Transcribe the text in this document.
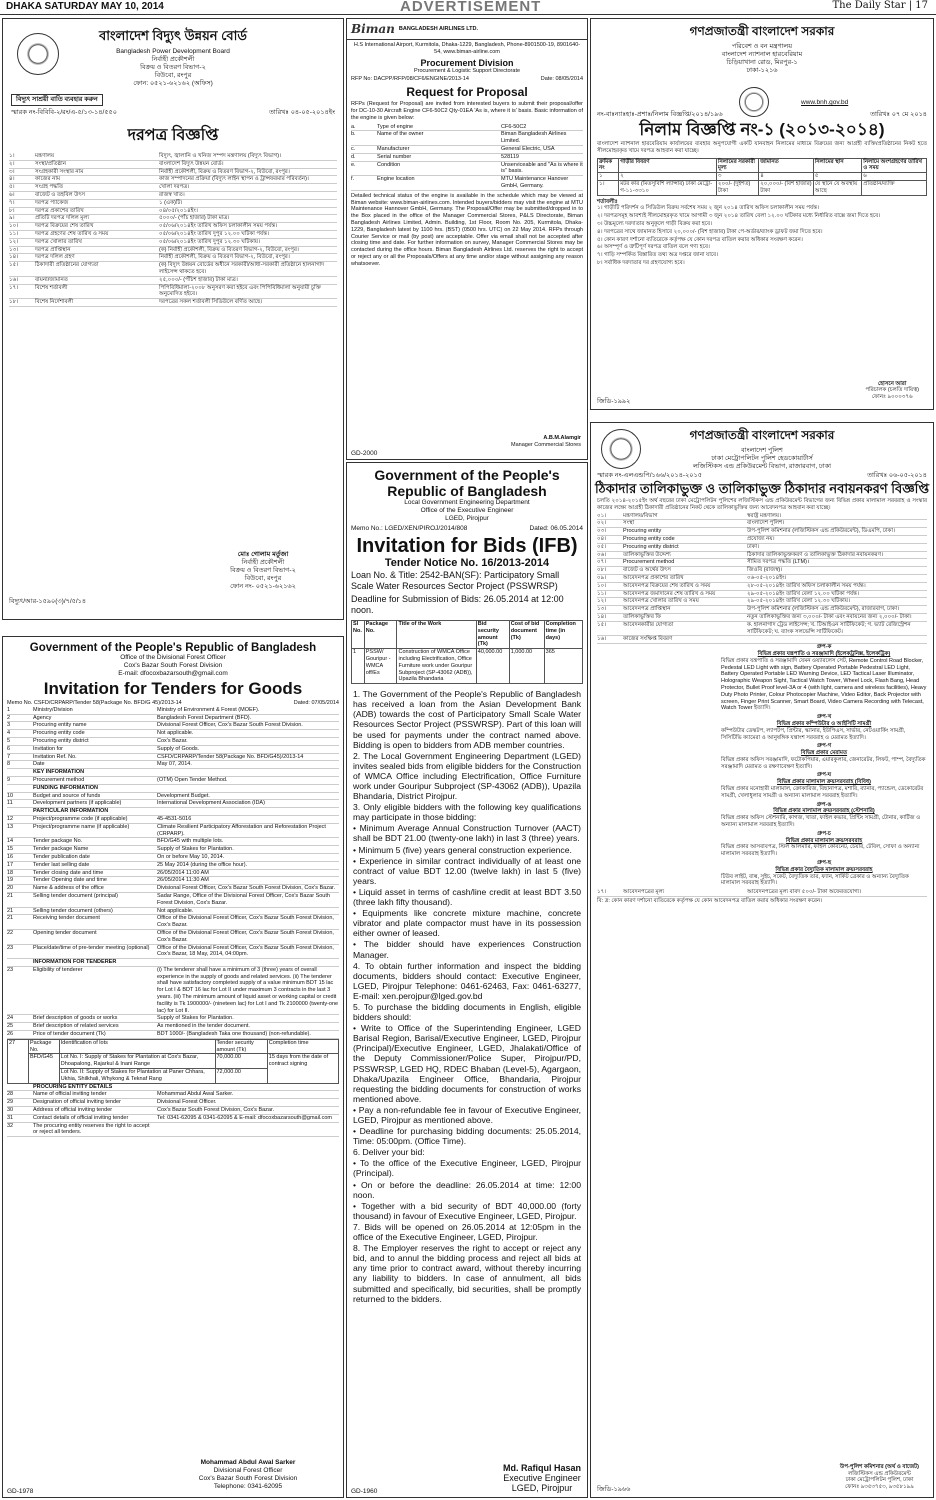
DHAKA SATURDAY MAY 10, 2014	ADVERTISEMENT	The Daily Star | 17
বাংলাদেশ বিদ্যুৎ উন্নয়ন বোর্ড
Bangladesh Power Development Board
নির্বাহী প্রকৌশলী
বিক্রয় ও বিতরণ বিভাগ-২
বিউবো, রংপুর
ফোন: ০৫২১-৬২১৬২ (অফিস)
বিদ্যুৎ সাশ্রয়ী বাতি ব্যবহার করুন
স্মারক নং-বিবিবি-২/রং/এ-৫/১৩-১৪/৫৫০	তারিখঃ ০৪-০৫-২০১৪ইং
দরপত্র বিজ্ঞপ্তি
১।	মন্ত্রণালয়	বিদ্যুৎ, জ্বালানি ও খনিজ সম্পদ মন্ত্রণালয় (বিদ্যুৎ বিভাগ)।
২।	সংস্থা/প্রতিষ্ঠান	বাংলাদেশ বিদ্যুৎ উন্নয়ন বোর্ড।
৩।	সংগ্রহকারী সংস্থার নাম	নির্বাহী প্রকৌশলী, বিক্রয় ও বিতরণ বিভাগ-২, বিউবো, রংপুর।
৪।	কাজের নাম	কাজ সম্পাদনের প্রক্রিয়া (বিদ্যুৎ লাইন স্থাপন ও ট্রান্সফরমার পরিবর্তন)।
৫।	সংগ্রহ পদ্ধতি	খোলা দরপত্র।
৬।	বাজেট ও তহবিল উৎস	রাজস্ব খাত।
৭।	দরপত্র প্যাকেজ	১ (এক)টি।
৮।	দরপত্র প্রকাশের তারিখ	০৪/০৫/২০১৪ইং।
৯।	প্রতিটি দরপত্র দলিল মূল্য	৫০০০/- (পাঁচ হাজার) টাকা মাত্র।
১০।	দরপত্র বিক্রয়ের শেষ তারিখ	০৫/০৬/২০১৪ইং তারিখ অফিস চলাকালীন সময় পর্যন্ত।
১১।	দরপত্র গ্রহণের শেষ তারিখ ও সময়	০৫/০৬/২০১৪ইং তারিখ দুপুর ১২.০০ ঘটিকা পর্যন্ত।
১২।	দরপত্র খোলার তারিখ	০৫/০৬/২০১৪ইং তারিখ দুপুর ১২.৩০ ঘটিকায়।
১৩।	দরপত্র প্রাপ্তিস্থান	(ক) নির্বাহী প্রকৌশলী, বিক্রয় ও বিতরণ বিভাগ-২, বিউবো, রংপুর।
১৪।	দরপত্র দলিল গ্রহণ	নির্বাহী প্রকৌশলী, বিক্রয় ও বিতরণ বিভাগ-২, বিউবো, রংপুর।
১৫।	ঠিকাদারী প্রতিষ্ঠানের যোগ্যতা	(ক) বিদ্যুৎ উন্নয়ন বোর্ডের অধীনে সরকারী/আধা-সরকারী প্রতিষ্ঠানে হালনাগাদ লাইসেন্স থাকতে হবে।
১৬।	বায়না/জামানত	২৫,০০০/- (পঁচিশ হাজার) টাকা মাত্র।
১৭।	বিশেষ শর্তাবলী	পিপিবিধিমালা-২০০৮ অনুসরণ করা হইবে এবং পিপিবিধিমালা অনুযায়ী চুক্তি অনুমোদিত হইবে।
১৮।	বিশেষ নির্দেশাবলী	দরপত্রের সকল শর্তাবলী সিডিউলে বর্ণিত আছে।
মোঃ গোলাম মর্তুজা
নির্বাহী প্রকৌশলী
বিক্রয় ও বিতরণ বিভাগ-২
বিউবো, রংপুর
ফোন নং- ০৫২১-৬২১৬২
বিদ্যুৎ/আর-১৫৯০(৩)/৭/৫/১৪
Biman BANGLADESH AIRLINES LTD.
H.S International Airport, Kurmitola, Dhaka-1229, Bangladesh, Phone-8901500-19, 8901640-54, www.biman-airline.com
Procurement Division
Procurement & Logistic Support Directorate
RFP No: DACPP/RFP/08/CF6/ENGINE/2013-14	Date: 08/05/2014
Request for Proposal
RFPs (Request for Proposal) are invited from interested buyers to submit their proposal/offer for DC-10-30 Aircraft Engine CF6-50C2 Qty-01EA 'As is, where it is' basis. Basic information of the engine is given below:
a.	Type of engine	CF6-50C2
b.	Name of the owner	Biman Bangladesh Airlines Limited.
c.	Manufacturer	General Electric, USA
d.	Serial number	528119
e.	Condition	Unserviceable and "As is where it is" basis.
f.	Engine location	MTU Maintenance Hanover GmbH, Germany.
Detailed technical status of the engine is available in the schedule which may be viewed at Biman website: www.biman-airlines.com. Intended buyers/bidders may visit the engine at MTU Maintenance Hannover GmbH, Germany. The Proposal/Offer may be submitted/dropped in to the Box placed in the office of the Manager Commercial Stores, P&LS Directorate, Biman Bangladesh Airlines Limited, Admin. Building, 1st Floor, Room No. 205, Kurmitola, Dhaka-1229, Bangladesh latest by 1100 hrs. (BST) (0500 hrs. UTC) on 22 May 2014. RFPs through Courier Service or mail (by post) are acceptable. Offer via email shall not be accepted after closing time and date. For further information on survey, Manager Commercial Stores may be contacted during the office hours. Biman Bangladesh Airlines Ltd. reserves the right to accept or reject any or all the Proposals/Offers at any time and/or stage without assigning any reason whatsoever.
A.B.M.Alamgir
Manager Commercial Stores
GD-2000
Government of the People's Republic of Bangladesh
Local Government Engineering Department
Office of the Executive Engineer
LGED, Pirojpur
Memo No.: LGED/XEN/PIROJ/2014/808	Dated: 06.05.2014
Invitation for Bids (IFB)
Tender Notice No. 16/2013-2014
Loan No. & Title: 2542-BAN(SF): Participatory Small Scale Water Resources Sector Project (PSSWRSP)
Deadline for Submission of Bids: 26.05.2014 at 12:00 noon.
Sl No.	Package No.	Title of the Work	Bid security amount (Tk)	Cost of bid document (Tk)	Completion time (in days)
1	PSSW/ Gouripur -WMCA off/Es	Construction of WMCA Office including Electrification, Office Furniture work under Gouripur Subproject (SP-43062 (ADB)), Upazila Bhandaria	40,000.00	1,000.00	365
1. The Government of the People's Republic of Bangladesh has received a loan from the Asian Development Bank (ADB) towards the cost of Participatory Small Scale Water Resources Sector Project (PSSWRSP). Part of this loan will be used for payments under the contract named above. Bidding is open to bidders from ADB member countries.
2. The Local Government Engineering Department (LGED) invites sealed bids from eligible bidders for the Construction of WMCA Office including Electrification, Office Furniture work under Gouripur Subproject (SP-43062 (ADB)), Upazila Bhandaria, District Pirojpur.
3. Only eligible bidders with the following key qualifications may participate in those bidding:
• Minimum Average Annual Construction Turnover (AACT) shall be BDT 21.00 (twenty-one lakh) in last 3 (three) years.
• Minimum 5 (five) years general construction experience.
• Experience in similar contract individually of at least one contract of value BDT 12.00 (twelve lakh) in last 5 (five) years.
• Liquid asset in terms of cash/line credit at least BDT 3.50 (three lakh fifty thousand).
• Equipments like concrete mixture machine, concrete vibrator and plate compactor must have in its possession either owner of leased.
• The bidder should have experiences Construction Manager.
4. To obtain further information and inspect the bidding documents, bidders should contact: Executive Engineer, LGED, Pirojpur Telephone: 0461-62463, Fax: 0461-63277, E-mail: xen.perojpur@lged.gov.bd
5. To purchase the bidding documents in English, eligible bidders should:
• Write to Office of the Superintending Engineer, LGED Barisal Region, Barisal/Executive Engineer, LGED, Pirojpur (Principal)/Executive Engineer, LGED, Jhalakati/Office of the Deputy Commissioner/Police Super, Pirojpur/PD, PSSWRSP, LGED HQ, RDEC Bhaban (Level-5), Agargaon, Dhaka/Upazila Engineer Office, Bhandaria, Pirojpur requesting the bidding documents for construction of works mentioned above.
• Pay a non-refundable fee in favour of Executive Engineer, LGED, Pirojpur as mentioned above.
• Deadline for purchasing bidding documents: 25.05.2014, Time: 05:00pm. (Office Time).
6. Deliver your bid:
• To the office of the Executive Engineer, LGED, Pirojpur (Principal).
• On or before the deadline: 26.05.2014 at time: 12:00 noon.
• Together with a bid security of BDT 40,000.00 (forty thousand) in favour of Executive Engineer, LGED, Pirojpur.
7. Bids will be opened on 26.05.2014 at 12:05pm in the office of the Executive Engineer, LGED, Pirojpur.
8. The Employer reserves the right to accept or reject any bid, and to annul the bidding process and reject all bids at any time prior to contract award, without thereby incurring any liability to bidders. In case of annulment, all bids submitted and specifically, bid securities, shall be promptly returned to the bidders.
Md. Rafiqul Hasan
Executive Engineer
LGED, Pirojpur
GD-1960
Government of the People's Republic of Bangladesh
Office of the Divisional Forest Officer
Cox's Bazar South Forest Division
E-mail: dfocoxbazarsouth@gmail.com
Invitation for Tenders for Goods
Memo No. CSFD/CRPARP/Tender 58(Package No. BFD/G 45)/2013-14	Dated: 07/05/2014
1	Ministry/Division	Ministry of Environment & Forest (MOEF).
2	Agency	Bangladesh Forest Department (BFD).
3	Procuring entity name	Divisional Forest Officer, Cox's Bazar South Forest Division.
4	Procuring entity code	Not applicable.
5	Procuring entity district	Cox's Bazar.
6	Invitation for	Supply of Goods.
7	Invitation Ref. No.	CSFD/CRPARP/Tender 58(Package No. BFD/G45)/2013-14
8	Date	May 07, 2014.
KEY INFORMATION
9	Procurement method	(OTM) Open Tender Method.
FUNDING INFORMATION
10	Budget and source of funds	Development Budget.
11	Development partners (if applicable)	International Development Association (IDA)
PARTICULAR INFORMATION
12	Project/programme code (if applicable)	45-4531-5016
13	Project/programme name (if applicable)	Climate Resilient Participatory Afforestation and Reforestation Project (CRPARP).
14	Tender package No.	BFD/G45 with multiple lots.
15	Tender package Name	Supply of Stakes for Plantation.
16	Tender publication date	On or before May 10, 2014.
17	Tender last selling date	25 May 2014 (during the office hour).
18	Tender closing date and time	26/05/2014 11:00 AM
19	Tender Opening date and time	26/05/2014 11:30 AM
20	Name & address of the office	Divisional Forest Officer, Cox's Bazar South Forest Division, Cox's Bazar.
21	Selling tender document (principal)	Sadar Range, Office of the Divisional Forest Officer, Cox's Bazar South Forest Division, Cox's Bazar.
21	Selling tender document (others)	Not applicable.
21	Receiving tender document	Office of the Divisional Forest Officer, Cox's Bazar South Forest Division, Cox's Bazar.
22	Opening tender document	Office of the Divisional Forest Officer, Cox's Bazar South Forest Division, Cox's Bazar.
23	Place/date/time of pre-tender meeting (optional)	Office of the Divisional Forest Officer, Cox's Bazar South Forest Division, Cox's Bazar, 18 May, 2014, 04:00pm.
INFORMATION FOR TENDERER
23	Eligibility of tenderer	(i) The tenderer shall have a minimum of 3 (three) years of overall experience in the supply of goods and related services. (ii) The tenderer shall have satisfactory completed supply of a value minimum BDT 15 lac for Lot I & BDT 16 lac for Lot II under maximum 3 contracts in the last 3 years. (iii) The minimum amount of liquid asset or working capital or credit facility is Tk 1900000/- (nineteen lac) for Lot I and Tk 2100000 (twenty-one lac) for Lot II.
24	Brief description of goods or works	Supply of Stakes for Plantation.
25	Brief description of related services	As mentioned in the tender document.
26	Price of tender document (Tk)	BDT 1000/- (Bangladesh Taka one thousand) (non-refundable).
27	Package No.	Identification of lots	Tender security amount (Tk)	Completion time
	BFD/G45	Lot No. I: Supply of Stakes for Plantation at Cox's Bazar, Dhoapalong, Rajarkul & Inani Range	70,000.00	15 days from the date of contract signing
		Lot No. II: Supply of Stakes for Plantation at Paner Chhara, Ukhia, Shilkhali, Whykong & Teknaf Rang	72,000.00	
PROCURING ENTITY DETAILS
28	Name of official inviting tender	Mohammad Abdul Awal Sarker.
29	Designation of official inviting tender	Divisional Forest Officer.
30	Address of official inviting tender	Cox's Bazar South Forest Division, Cox's Bazar.
31	Contact details of official inviting tender	Tel: 0341-62095 & 0341-62095 & E-mail: dfocoxbazarsouth@gmail.com
32	The procuring entity reserves the right to accept or reject all tenders.
Mohammad Abdul Awal Sarker
Divisional Forest Officer
Cox's Bazar South Forest Division
Telephone: 0341-62095
GD-1978
গণপ্রজাতন্ত্রী বাংলাদেশ সরকার
পরিবেশ ও বন মন্ত্রণালয়
বাংলাদেশ ন্যাশনাল হারবেরিয়াম
চিড়িয়াখানা রোড, মিরপুর-১
ঢাকা-১২১৬
www.bnh.gov.bd
নং-বাঃন্যাঃহাঃ-প্রশাঃ/নিলাম বিজ্ঞপ্তি/২০১৪/১৯৬	তারিখঃ ০৭ মে ২০১৪
নিলাম বিজ্ঞপ্তি নং-১ (২০১৩-২০১৪)
বাংলাদেশ ন্যাশনাল হারবেরিয়াম কার্যালয়ের ব্যবহার অনুপযোগী একটি যানবাহন নিলামের মাধ্যমে বিক্রয়ের জন্য আগ্রহী ব্যক্তি/প্রতিষ্ঠানের নিকট হতে সীলমোহরকৃত খামে দরপত্র আহবান করা যাচ্ছে।
ক্রমিক নং	গাড়ীর বিবরণ	নিলামের সরকারী মূল্য	জামানত	নিলামের স্থান	নিলামে অংশগ্রহণের তারিখ ও সময়
১	২	৩	৪	৫	৬
১।	মটর কার (মিতসুবিশি ল্যান্সার) ঢাকা মেট্রো-গ-১১-৩৩১০	২০০/- (দুইশত) টাকা	২০,০০০/- (বিশ হাজার) টাকা	যে স্থানে যে অবস্থায় আছে	প্রতিষ্ঠান/ব্যক্তি
শর্তাবলীঃ
১। গাড়ীটি পরিদর্শন ও সিডিউল বিক্রয় সর্বশেষ সময় ২ জুন ২০১৪ তারিখ অফিস চলাকালীন সময় পর্যন্ত।
২। দরপত্রসমূহ আবশ্যই সীলমোহরকৃত খামে আগামী ৩ জুন ২০১৪ তারিখ বেলা ১২.০০ ঘটিকার মধ্যে নির্ধারিত বাক্সে জমা দিতে হবে।
৩। উচ্চমূল্যে দরদাতার অনুকূলে গাড়ী বিক্রয় করা হবে।
৪। দরপত্রের সাথে জামানত হিসাবে ২০,০০০/- (বিশ হাজার) টাকা পে-অর্ডার/ব্যাংক ড্রাফট জমা দিতে হবে।
৫। কোন কারণ দর্শানো ব্যতিরেকে কর্তৃপক্ষ যে কোন দরপত্র বাতিল করার অধিকার সংরক্ষণ করেন।
৬। অসম্পূর্ণ ও ত্রুটিপূর্ণ দরপত্র বাতিল বলে গণ্য হবে।
৭। গাড়ি সম্পর্কিত বিস্তারিত তথ্য অত্র দপ্তরে জানা যাবে।
৮। সর্বাধিক দরদাতার দর গ্রহণযোগ্য হবে।
হোসনে আরা
পরিচালক (চলতি দায়িত্ব)
ফোনঃ ৯০০০৩৭৬
জিডি-১৯৯২
গণপ্রজাতন্ত্রী বাংলাদেশ সরকার
বাংলাদেশ পুলিশ
ঢাকা মেট্রোপলিটন পুলিশ হেডকোয়ার্টার্স
লজিস্টিকস এন্ড প্রকিউরমেন্ট বিভাগ, রাজারবাগ, ঢাকা
স্মারক নং-এলএন্ডপি/১৬৬/২০১৪-২০১৫	তারিখঃ ০৬-০৫-২০১৪
ঠিকাদার তালিকাভুক্ত ও তালিকাভুক্ত ঠিকাদার নবায়নকরণ বিজ্ঞপ্তি
চলতি ২০১৪-২০১৫ইং অর্থ বছরের ঢাকা মেট্রোপলিটন পুলিশের লজিস্টিকস এন্ড প্রকিউরমেন্ট বিভাগের জন্য বিভিন্ন প্রকার মালামাল সরবরাহ ও সংস্কার কাজের লক্ষ্যে আগ্রহী ঠিকাদারী প্রতিষ্ঠানের নিকট থেকে তালিকাভুক্তির জন্য আবেদনপত্র আহবান করা যাচ্ছে।
০১।	মন্ত্রণালয়/বিভাগ	স্বরাষ্ট্র মন্ত্রণালয়।
০২।	সংস্থা	বাংলাদেশ পুলিশ।
০৩।	Procuring entity	উপ-পুলিশ কমিশনার (লজিস্টিকস এন্ড প্রকিউরমেন্ট), ডিএমপি, ঢাকা।
০৪।	Procuring entity code	প্রযোজ্য নয়।
০৫।	Procuring entity district	ঢাকা।
০৬।	তালিকাভুক্তির উদ্দেশ্য	ঠিকাদার তালিকাভুক্তকরণ ও তালিকাভুক্ত ঠিকাদার নবায়নকরণ।
০৭।	Procurement method	সীমিত দরপত্র পদ্ধতি (LTM)।
০৮।	বাজেট ও অর্থের উৎস	জিওবি (রাজস্ব)।
০৯।	আবেদনপত্র প্রকাশের তারিখ	০৬-০৫-২০১৪ইং।
১০।	আবেদনপত্র বিক্রয়ের শেষ তারিখ ও সময়	২৮-০৫-২০১৪ইং তারিখ অফিস চলাকালীন সময় পর্যন্ত।
১১।	আবেদনপত্র জমাদানের শেষ তারিখ ও সময়	২৯-০৫-২০১৪ইং তারিখ বেলা ১২.০০ ঘটিকা পর্যন্ত।
১২।	আবেদনপত্র খোলার তারিখ ও সময়	২৯-০৫-২০১৪ইং তারিখ বেলা ১২.৩০ ঘটিকায়।
১৩।	আবেদনপত্র প্রাপ্তিস্থান	উপ-পুলিশ কমিশনার (লজিস্টিকস এন্ড প্রকিউরমেন্ট), রাজারবাগ, ঢাকা।
১৪।	তালিকাভুক্তির ফি	নতুন তালিকাভুক্তির জন্য ৩,০০০/- টাকা এবং নবায়নের জন্য ২,০০০/- টাকা।
১৫।	আবেদনকারীর যোগ্যতা	ক. হালনাগাদ ট্রেড লাইসেন্স; খ. টিআইএন সার্টিফিকেট; গ. ভ্যাট রেজিস্ট্রেশন সার্টিফিকেট; ঘ. ব্যাংক সলভেন্সি সার্টিফিকেট।
১৬।	কাজের সংক্ষিপ্ত বিবরণ
গ্রুপ-ক
বিভিন্ন প্রকার যন্ত্রপাতি ও সরঞ্জামাদি (ইলেকট্রনিক্স, ইলেকট্রিক)
বিভিন্ন প্রকার যন্ত্রপাতি ও সরঞ্জামাদি যেমন ওয়্যারলেস সেট, Remote Control Road Blocker, Pedestal LED Light with sign, Battery Operated Portable Pedestral LED Light, Battery Operated Portable LED Warning Device, LED Tactical Laser Illuminator, Holographic Weapon Sight, Tactical Watch Tower, Wheel Lock, Flash Bang, Head Protector, Bullet Proof level-3A or 4 (with light, camera and wireless facilities), Heavy Duty Photo Printer, Colour Photocopier Machine, Video Editor, Back Projector with screen, Finger Print Scanner, Smart Board, Video Camera Recording with Telecast, Watch Tower ইত্যাদি।
গ্রুপ-খ
বিভিন্ন প্রকার কম্পিউটার ও আইসিটি সামগ্রী
কম্পিউটার ডেস্কটপ, ল্যাপটপ, প্রিন্টার, স্ক্যানার, ইউপিএস, সার্ভার, নেটওয়ার্কিং সামগ্রী, সিসিটিভি ক্যামেরা ও আনুষঙ্গিক যন্ত্রাংশ সরবরাহ ও মেরামত ইত্যাদি।
গ্রুপ-গ
বিভিন্ন প্রকার মেরামত
বিভিন্ন প্রকার অফিস সরঞ্জামাদি, ফটোকপিয়ার, এয়ারকুলার, জেনারেটর, লিফট, পাম্প, বৈদ্যুতিক সরঞ্জামাদি মেরামত ও রক্ষণাবেক্ষণ ইত্যাদি।
গ্রুপ-ঘ
বিভিন্ন প্রকার মালামাল ক্রয়/সরবরাহ (বিবিধ)
বিভিন্ন প্রকার মনোহারী মালামাল, ক্রোকারিজ, বিছানাপত্র, মশারি, ব্যানার, প্যান্ডেল, ডেকোরেটর সামগ্রী, খেলাধুলার সামগ্রী ও অন্যান্য মালামাল সরবরাহ ইত্যাদি।
গ্রুপ-ঙ
বিভিন্ন প্রকার মালামাল ক্রয়/সরবরাহ (স্টেশনারি)
বিভিন্ন প্রকার অফিস স্টেশনারি, কাগজ, খাতা, ফাইল কভার, প্রিন্টিং সামগ্রী, টোনার, কার্টিজ ও অন্যান্য মালামাল সরবরাহ ইত্যাদি।
গ্রুপ-চ
বিভিন্ন প্রকার মালামাল ক্রয়/সরবরাহ
বিভিন্ন প্রকার আসবাবপত্র, স্টিল আলমারি, ফাইল কেবিনেট, চেয়ার, টেবিল, সোফা ও অন্যান্য মালামাল সরবরাহ ইত্যাদি।
গ্রুপ-ছ
বিভিন্ন প্রকার বৈদ্যুতিক মালামাল ক্রয়/সরবরাহ
টিউব লাইট, বাল্ব, সুইচ, সকেট, বৈদ্যুতিক তার, ফ্যান, সার্কিট ব্রেকার ও অন্যান্য বৈদ্যুতিক মালামাল সরবরাহ ইত্যাদি।
১৭।	আবেদনপত্রের মূল্য	আবেদনপত্রের মূল্য বাবদ ৫০০/- টাকা অফেরতযোগ্য।
বি: দ্র: কোন কারণ দর্শানো ব্যতিরেকে কর্তৃপক্ষ যে কোন আবেদনপত্র বাতিল করার অধিকার সংরক্ষণ করেন।
উপ-পুলিশ কমিশনার (অর্থ ও বাজেট)
লজিস্টিকস এন্ড প্রকিউরমেন্ট
ঢাকা মেট্রোপলিটন পুলিশ, ঢাকা
ফোনঃ ৯৩৫৩৭৫৩, ৯৩৫৮১৯৯
জিডি-১৯৬৬
